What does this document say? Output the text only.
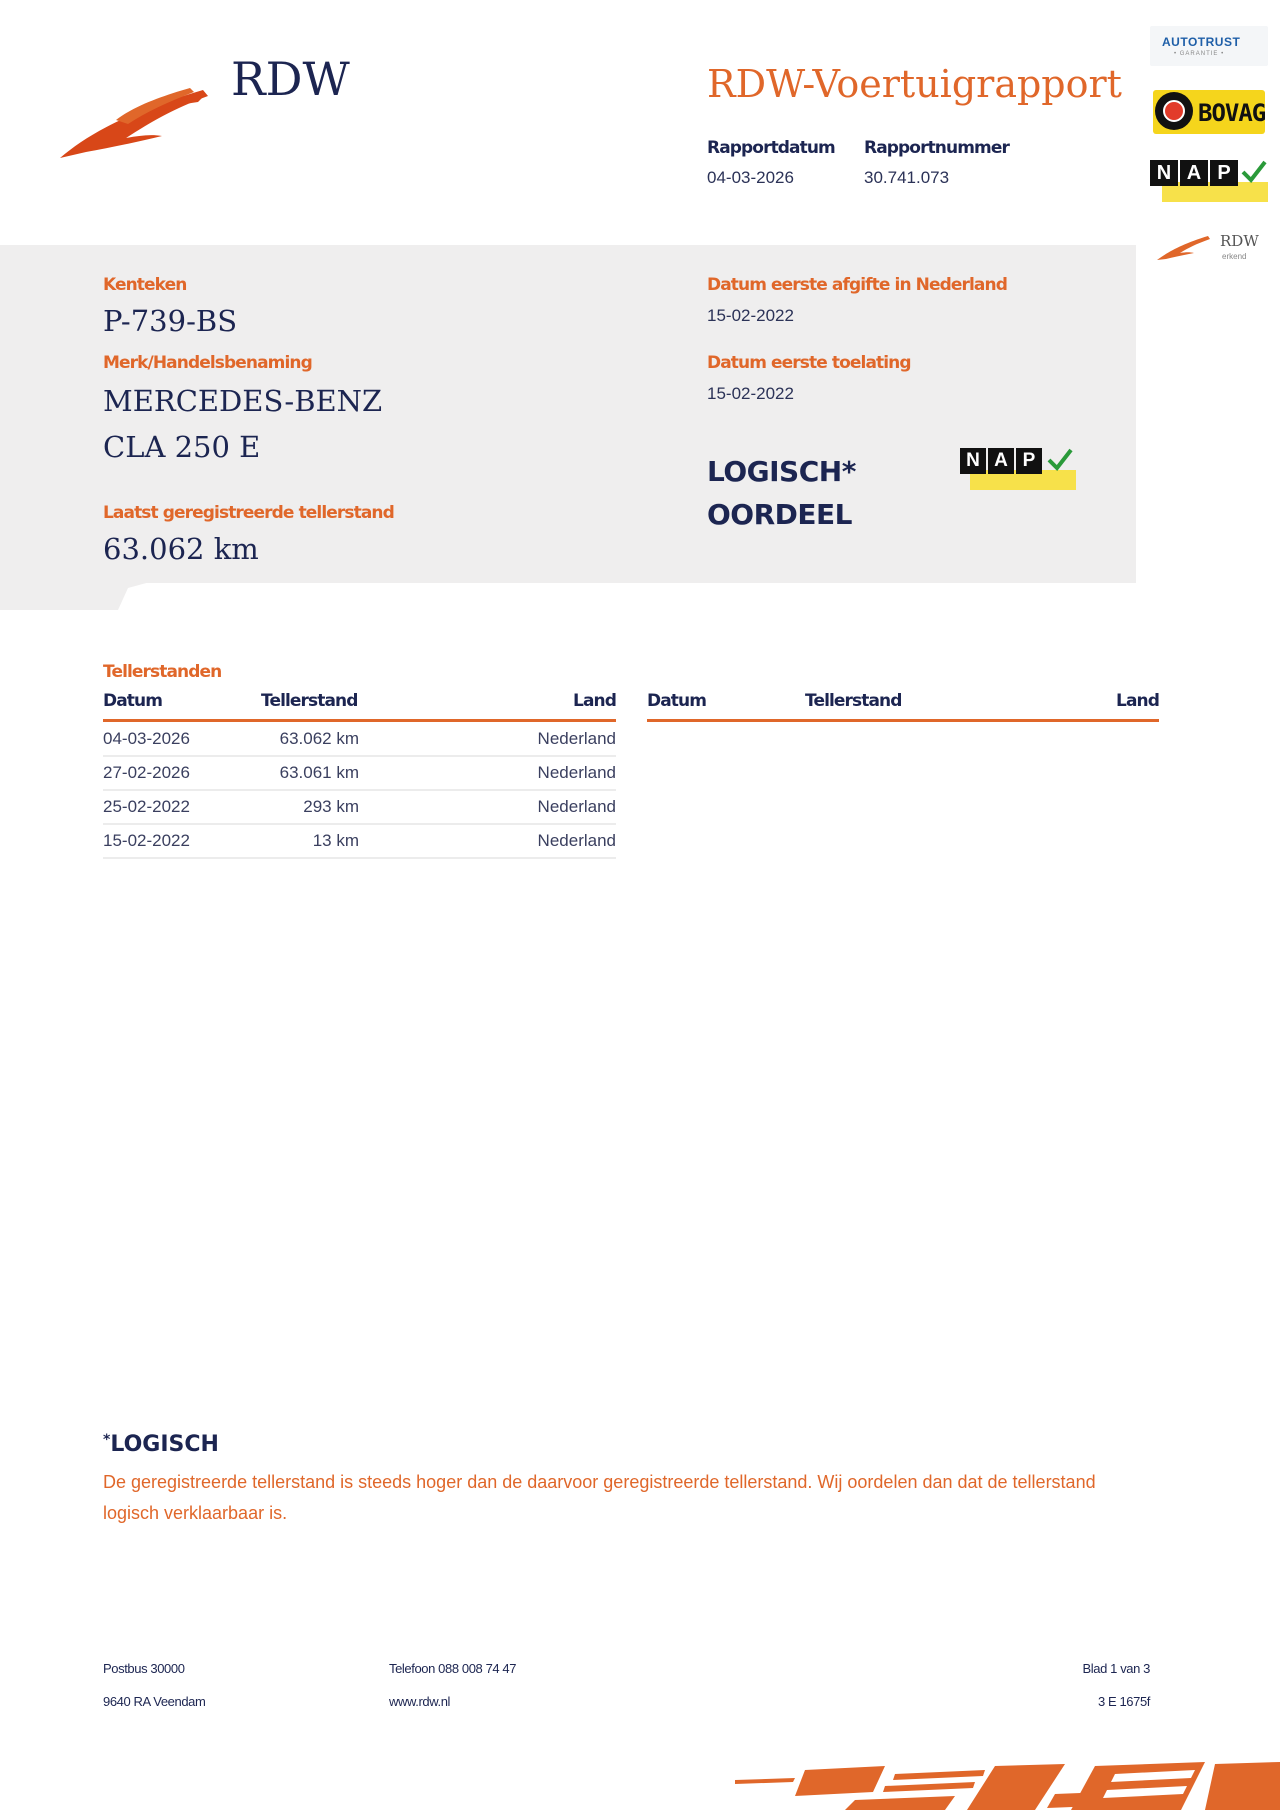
RDW	RDW-Voertuigrapport
Rapportdatum
04-03-2026
Rapportnummer
30.741.073
AUTOTRUST
• GARANTIE •
BOVAG
N A P
RDW
erkend
Kenteken
P-739-BS
Merk/Handelsbenaming
MERCEDES-BENZ
CLA 250 E
Laatst geregistreerde tellerstand
63.062 km
Datum eerste afgifte in Nederland
15-02-2022
Datum eerste toelating
15-02-2022
LOGISCH*
OORDEEL
N A P
Tellerstanden
Datum	Tellerstand	Land Datum	Tellerstand	Land
04-03-2026	63.062 km	Nederland
27-02-2026	63.061 km	Nederland
25-02-2022	293 km	Nederland
15-02-2022	13 km	Nederland
*LOGISCH
De geregistreerde tellerstand is steeds hoger dan de daarvoor geregistreerde tellerstand. Wij oordelen dan dat de tellerstand logisch verklaarbaar is.
Postbus 30000
9640 RA Veendam
Telefoon 088 008 74 47
www.rdw.nl
Blad 1 van 3
3 E 1675f
